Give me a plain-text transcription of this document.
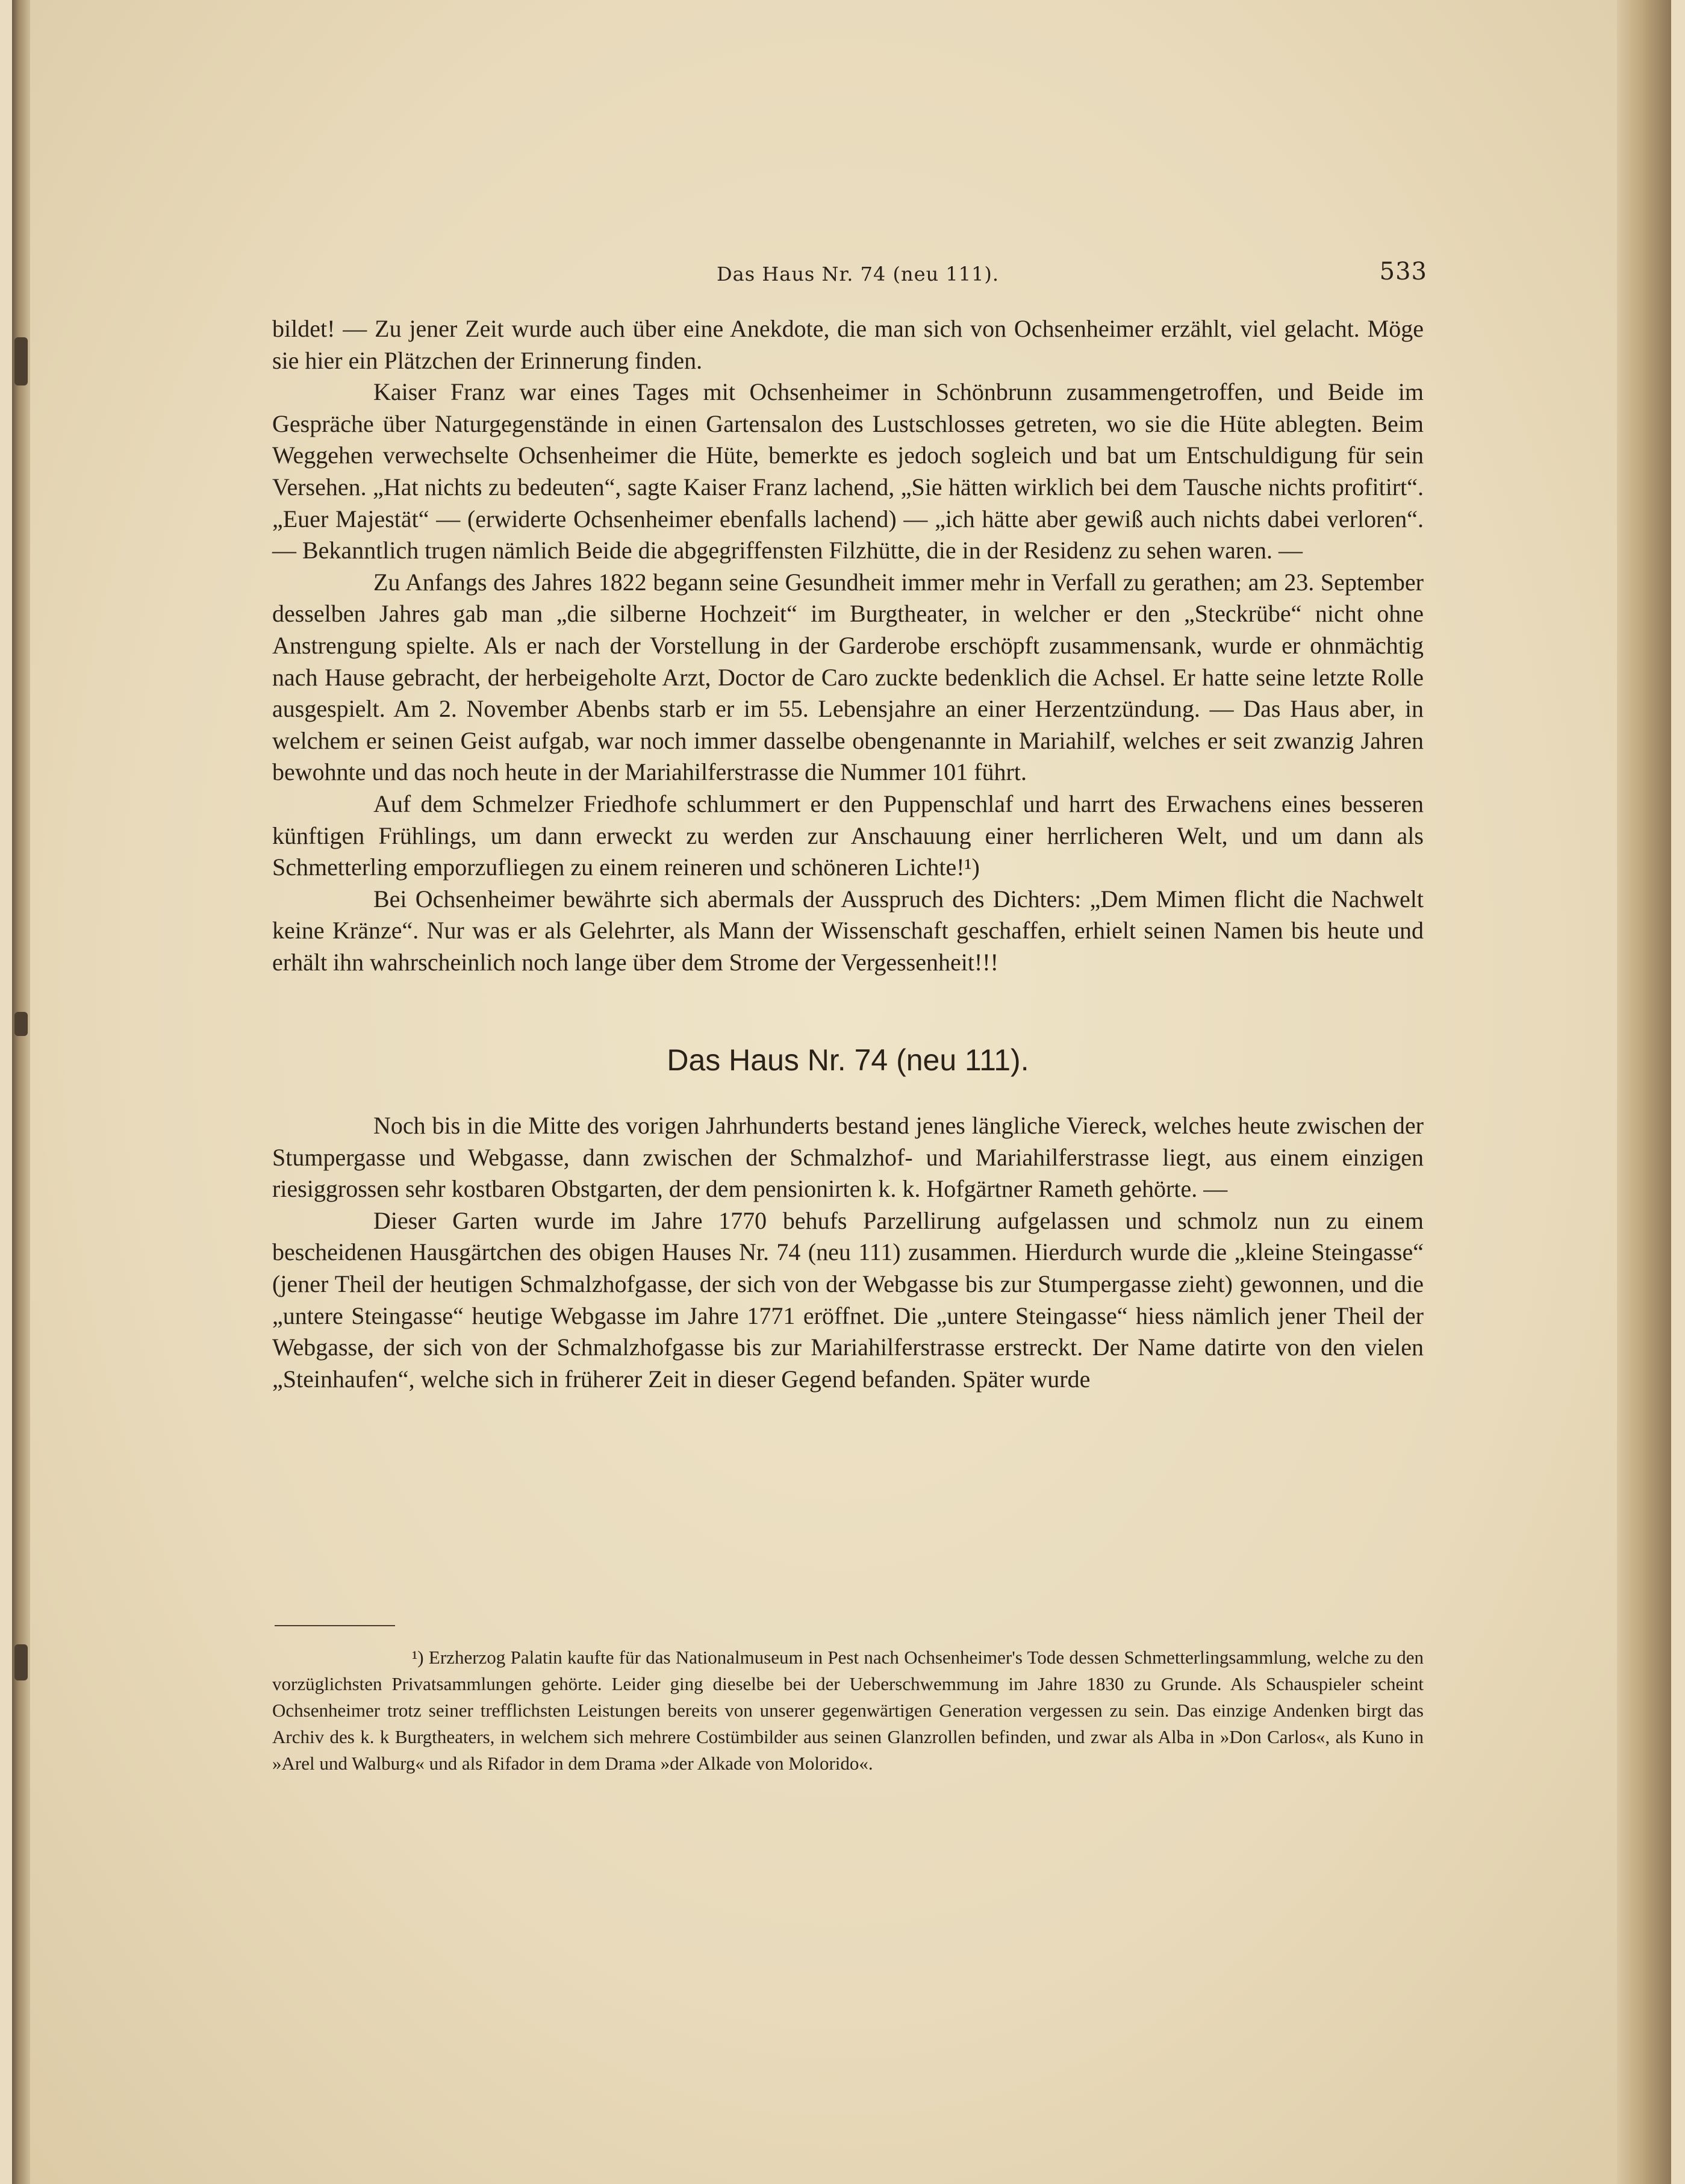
Das Haus Nr. 74 (neu 111).	533

bildet! — Zu jener Zeit wurde auch über eine Anekdote, die man sich von Ochsenheimer erzählt, viel gelacht. Möge sie hier ein Plätzchen der Erinnerung finden.

Kaiser Franz war eines Tages mit Ochsenheimer in Schönbrunn zusammengetroffen, und Beide im Gespräche über Naturgegenstände in einen Gartensalon des Lustschlosses getreten, wo sie die Hüte ablegten. Beim Weggehen verwechselte Ochsenheimer die Hüte, bemerkte es jedoch sogleich und bat um Entschuldigung für sein Versehen. „Hat nichts zu bedeuten“, sagte Kaiser Franz lachend, „Sie hätten wirklich bei dem Tausche nichts profitirt“. „Euer Majestät“ — (erwiderte Ochsenheimer ebenfalls lachend) — „ich hätte aber gewiß auch nichts dabei verloren“. — Bekanntlich trugen nämlich Beide die abgegriffensten Filzhütte, die in der Residenz zu sehen waren. —

Zu Anfangs des Jahres 1822 begann seine Gesundheit immer mehr in Verfall zu gerathen; am 23. September desselben Jahres gab man „die silberne Hochzeit“ im Burgtheater, in welcher er den „Steckrübe“ nicht ohne Anstrengung spielte. Als er nach der Vorstellung in der Garderobe erschöpft zusammensank, wurde er ohnmächtig nach Hause gebracht, der herbeigeholte Arzt, Doctor de Caro zuckte bedenklich die Achsel. Er hatte seine letzte Rolle ausgespielt. Am 2. November Abenbs starb er im 55. Lebensjahre an einer Herzentzündung. — Das Haus aber, in welchem er seinen Geist aufgab, war noch immer dasselbe obengenannte in Mariahilf, welches er seit zwanzig Jahren bewohnte und das noch heute in der Mariahilferstrasse die Nummer 101 führt.

Auf dem Schmelzer Friedhofe schlummert er den Puppenschlaf und harrt des Erwachens eines besseren künftigen Frühlings, um dann erweckt zu werden zur Anschauung einer herrlicheren Welt, und um dann als Schmetterling emporzufliegen zu einem reineren und schöneren Lichte!¹)

Bei Ochsenheimer bewährte sich abermals der Ausspruch des Dichters: „Dem Mimen flicht die Nachwelt keine Kränze“. Nur was er als Gelehrter, als Mann der Wissenschaft geschaffen, erhielt seinen Namen bis heute und erhält ihn wahrscheinlich noch lange über dem Strome der Vergessenheit!!!

Das Haus Nr. 74 (neu 111).

Noch bis in die Mitte des vorigen Jahrhunderts bestand jenes längliche Viereck, welches heute zwischen der Stumpergasse und Webgasse, dann zwischen der Schmalzhof- und Mariahilferstrasse liegt, aus einem einzigen riesiggrossen sehr kostbaren Obstgarten, der dem pensionirten k. k. Hofgärtner Rameth gehörte. —

Dieser Garten wurde im Jahre 1770 behufs Parzellirung aufgelassen und schmolz nun zu einem bescheidenen Hausgärtchen des obigen Hauses Nr. 74 (neu 111) zusammen. Hierdurch wurde die „kleine Steingasse“ (jener Theil der heutigen Schmalzhofgasse, der sich von der Webgasse bis zur Stumpergasse zieht) gewonnen, und die „untere Steingasse“ heutige Webgasse im Jahre 1771 eröffnet. Die „untere Steingasse“ hiess nämlich jener Theil der Webgasse, der sich von der Schmalzhofgasse bis zur Mariahilferstrasse erstreckt. Der Name datirte von den vielen „Steinhaufen“, welche sich in früherer Zeit in dieser Gegend befanden. Später wurde

¹) Erzherzog Palatin kaufte für das Nationalmuseum in Pest nach Ochsenheimer's Tode dessen Schmetterlingsammlung, welche zu den vorzüglichsten Privatsammlungen gehörte. Leider ging dieselbe bei der Ueberschwemmung im Jahre 1830 zu Grunde. Als Schauspieler scheint Ochsenheimer trotz seiner trefflichsten Leistungen bereits von unserer gegenwärtigen Generation vergessen zu sein. Das einzige Andenken birgt das Archiv des k. k Burgtheaters, in welchem sich mehrere Costümbilder aus seinen Glanzrollen befinden, und zwar als Alba in »Don Carlos«, als Kuno in »Arel und Walburg« und als Rifador in dem Drama »der Alkade von Molorido«.
